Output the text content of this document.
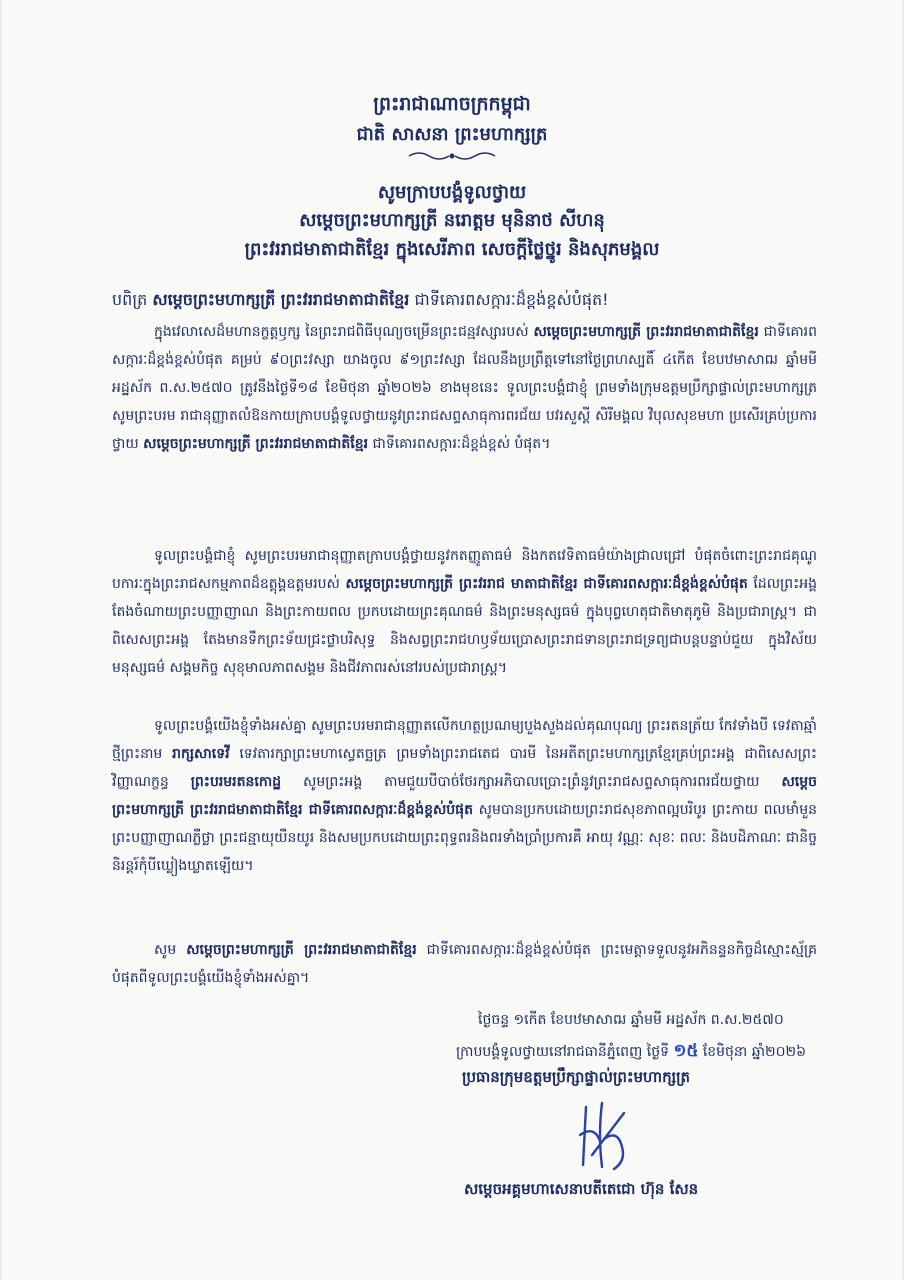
ព្រះរាជាណាចក្រកម្ពុជា
ជាតិ សាសនា ព្រះមហាក្សត្រ
សូមក្រាបបង្គំទូលថ្វាយ
សម្តេចព្រះមហាក្សត្រី នរោត្តម មុនិនាថ សីហនុ
ព្រះវររាជមាតាជាតិខ្មែរ ក្នុងសេរីភាព សេចក្តីថ្លៃថ្នូរ និងសុភមង្គល
បពិត្រ សម្តេចព្រះមហាក្សត្រី ព្រះវររាជមាតាជាតិខ្មែរ ជាទីគោរពសក្ការៈដ៏ខ្ពង់ខ្ពស់បំផុត!
ក្នុងវេលាសេដ៏មហានក្ខត្តឫក្ស នៃព្រះរាជពិធីបុណ្យចម្រើនព្រះជន្មវស្សារបស់ សម្តេចព្រះមហាក្សត្រី ព្រះវររាជមាតាជាតិខ្មែរ ជាទីគោរពសក្ការៈដ៏ខ្ពង់ខ្ពស់បំផុត គម្រប់ ៩០ព្រះវស្សា យាងចូល ៩១ព្រះវស្សា ដែលនឹងប្រព្រឹត្តទៅនៅថ្ងៃព្រហស្បតិ៍ ៤កើត ខែបឋមាសាឍ ឆ្នាំមមី អដ្ឋស័ក ព.ស.២៥៧០ ត្រូវនឹងថ្ងៃទី១៨ ខែមិថុនា ឆ្នាំ២០២៦ ខាងមុខនេះ ទូលព្រះបង្គំជាខ្ញុំ ព្រមទាំងក្រុមឧត្តមប្រឹក្សាផ្ទាល់ព្រះមហាក្សត្រ សូមព្រះបរម រាជានុញ្ញាតលំឱនកាយក្រាបបង្គំទូលថ្វាយនូវព្រះរាជសព្ទសាធុការពរជ័យ បវរសួស្តី សិរីមង្គល វិបុលសុខមហា ប្រសើរគ្រប់ប្រការថ្វាយ សម្តេចព្រះមហាក្សត្រី ព្រះវររាជមាតាជាតិខ្មែរ ជាទីគោរពសក្ការៈដ៏ខ្ពង់ខ្ពស់ បំផុត។
ទូលព្រះបង្គំជាខ្ញុំ សូមព្រះបរមរាជានុញ្ញាតក្រាបបង្គំថ្វាយនូវកតញ្ញូតាធម៌ និងកតវេទិតាធម៌យ៉ាងជ្រាលជ្រៅ បំផុតចំពោះព្រះរាជគុណូបការៈក្នុងព្រះរាជសកម្មភាពដ៏ឧត្តុង្គឧត្តមរបស់ សម្តេចព្រះមហាក្សត្រី ព្រះវររាជ មាតាជាតិខ្មែរ ជាទីគោរពសក្ការៈដ៏ខ្ពង់ខ្ពស់បំផុត ដែលព្រះអង្គតែងចំណាយព្រះបញ្ញាញាណ និងព្រះកាយពល ប្រកបដោយព្រះគុណធម៌ និងព្រះមនុស្សធម៌ ក្នុងបុព្វហេតុជាតិមាតុភូមិ និងប្រជារាស្ត្រ។ ជាពិសេសព្រះអង្គ តែងមានទឹកព្រះទ័យជ្រះថ្លាបរិសុទ្ធ និងសព្វព្រះរាជហឫទ័យប្រោសព្រះរាជទានព្រះរាជទ្រព្យជាបន្តបន្ទាប់ជួយ ក្នុងវិស័យមនុស្សធម៌ សង្គមកិច្ច សុខុមាលភាពសង្គម និងជីវភាពរស់នៅរបស់ប្រជារាស្ត្រ។
ទូលព្រះបង្គំយើងខ្ញុំទាំងអស់គ្នា សូមព្រះបរមរាជានុញ្ញាតលើកហត្ថប្រណម្យបួងសួងដល់គុណបុណ្យ ព្រះរតនត្រ័យ កែវទាំងបី ទេវតាឆ្មាំថ្មីព្រះនាម រាក្សសាទេវី ទេវតារក្សាព្រះមហាស្វេតច្ឆត្រ ព្រមទាំងព្រះរាជតេជ បារមី នៃអតីតព្រះមហាក្សត្រខ្មែរគ្រប់ព្រះអង្គ ជាពិសេសព្រះវិញ្ញាណក្ខន្ធ ព្រះបរមរតនកោដ្ឋ សូមព្រះអង្គ តាមជួយបីបាច់ថែរក្សាអភិបាលប្រោះព្រំនូវព្រះរាជសព្ទសាធុការពរជ័យថ្វាយ សម្តេចព្រះមហាក្សត្រី ព្រះវររាជមាតាជាតិខ្មែរ ជាទីគោរពសក្ការៈដ៏ខ្ពង់ខ្ពស់បំផុត សូមបានប្រកបដោយព្រះរាជសុខភាពល្អបរិបូរ ព្រះកាយ ពលមាំមួន ព្រះបញ្ញាញាណភ្លឺថ្លា ព្រះជន្មាយុយឺនយូរ និងសមប្រកបដោយព្រះពុទ្ធពរនិងពរទាំងប្រាំប្រការគឺ អាយុ វណ្ណៈ សុខៈ ពលៈ និងបដិភាណៈ ជានិច្ចនិរន្តរ៍កុំបីឃ្លៀងឃ្លាតឡើយ។
សូម សម្តេចព្រះមហាក្សត្រី ព្រះវររាជមាតាជាតិខ្មែរ ជាទីគោរពសក្ការៈដ៏ខ្ពង់ខ្ពស់បំផុត ព្រះមេត្តាទទួលនូវអភិនន្ទនកិច្ចដ៏ស្មោះស្ម័គ្របំផុតពីទូលព្រះបង្គំយើងខ្ញុំទាំងអស់គ្នា។
ថ្ងៃចន្ទ ១កើត ខែបឋមាសាឍ ឆ្នាំមមី អដ្ឋស័ក ព.ស.២៥៧០
ក្រាបបង្គំទូលថ្វាយនៅរាជធានីភ្នំពេញ ថ្ងៃទី ១៥ ខែមិថុនា ឆ្នាំ២០២៦
ប្រធានក្រុមឧត្តមប្រឹក្សាផ្ទាល់ព្រះមហាក្សត្រ
សម្តេចអគ្គមហាសេនាបតីតេជោ ហ៊ុន សែន
